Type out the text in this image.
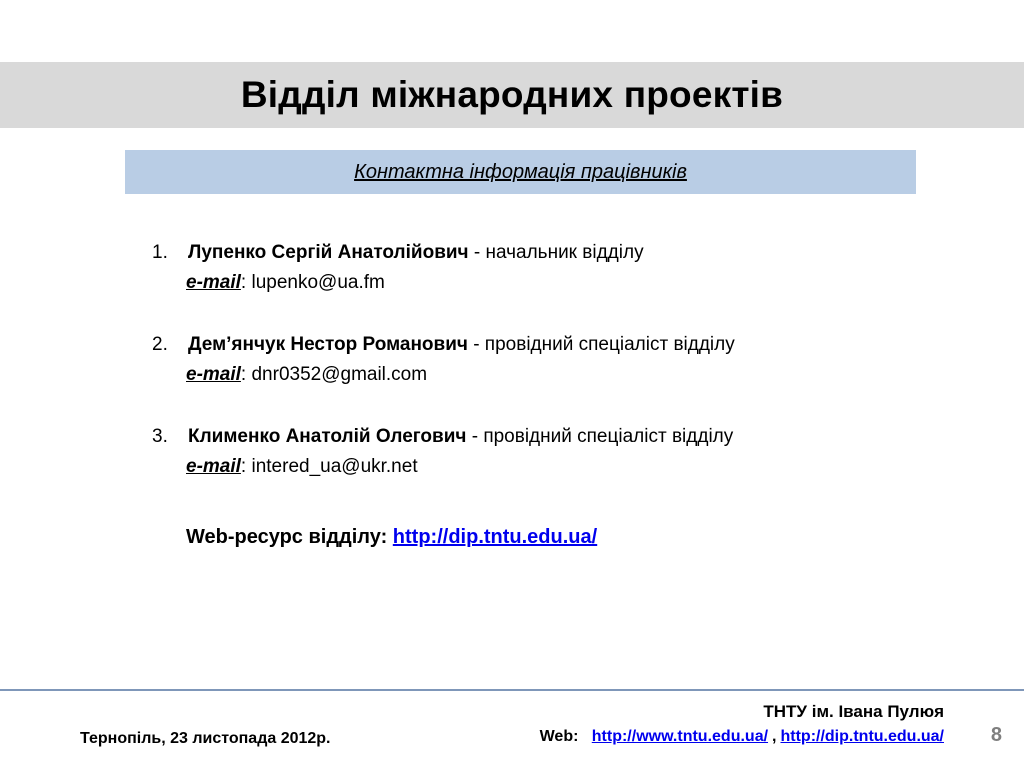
Відділ міжнародних проектів
Контактна інформація працівників
1.	Лупенко Сергій Анатолійович - начальник відділу
e-mail: lupenko@ua.fm
2.	Дем’янчук Нестор Романович - провідний спеціаліст відділу
e-mail: dnr0352@gmail.com
3.	Клименко Анатолій Олегович - провідний спеціаліст відділу
e-mail: intered_ua@ukr.net
Web-ресурс відділу: http://dip.tntu.edu.ua/
ТНТУ ім. Івана Пулюя
Тернопіль, 23 листопада 2012р.	Web: http://www.tntu.edu.ua/ , http://dip.tntu.edu.ua/ 8
